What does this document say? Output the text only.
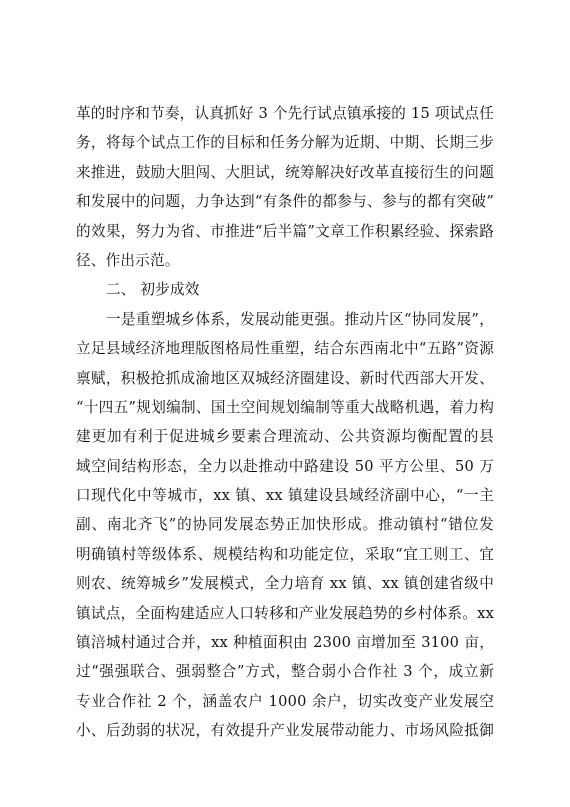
革的时序和节奏，认真抓好 3 个先行试点镇承接的 15 项试点任
务，将每个试点工作的目标和任务分解为近期、中期、长期三步
来推进，鼓励大胆闯、大胆试，统筹解决好改革直接衍生的问题
和发展中的问题，力争达到“有条件的都参与、参与的都有突破”
的效果，努力为省、市推进“后半篇”文章工作积累经验、探索路
径、作出示范。
二、 初步成效
一是重塑城乡体系，发展动能更强。推动片区“协同发展”，
立足县域经济地理版图格局性重塑，结合东西南北中“五路”资源
禀赋，积极抢抓成渝地区双城经济圈建设、新时代西部大开发、
“十四五”规划编制、国土空间规划编制等重大战略机遇，着力构
建更加有利于促进城乡要素合理流动、公共资源均衡配置的县
域空间结构形态，全力以赴推动中路建设 50 平方公里、50 万
口现代化中等城市，xx 镇、xx 镇建设县域经济副中心，“一主
副、南北齐飞”的协同发展态势正加快形成。推动镇村“错位发
明确镇村等级体系、规模结构和功能定位，采取“宜工则工、宜
则农、统筹城乡”发展模式，全力培育 xx 镇、xx 镇创建省级中
镇试点，全面构建适应人口转移和产业发展趋势的乡村体系。xx
镇涪城村通过合并，xx 种植面积由 2300 亩增加至 3100 亩，
过“强强联合、强弱整合”方式，整合弱小合作社 3 个，成立新
专业合作社 2 个，涵盖农户 1000 余户，切实改变产业发展空
小、后劲弱的状况，有效提升产业发展带动能力、市场风险抵御
